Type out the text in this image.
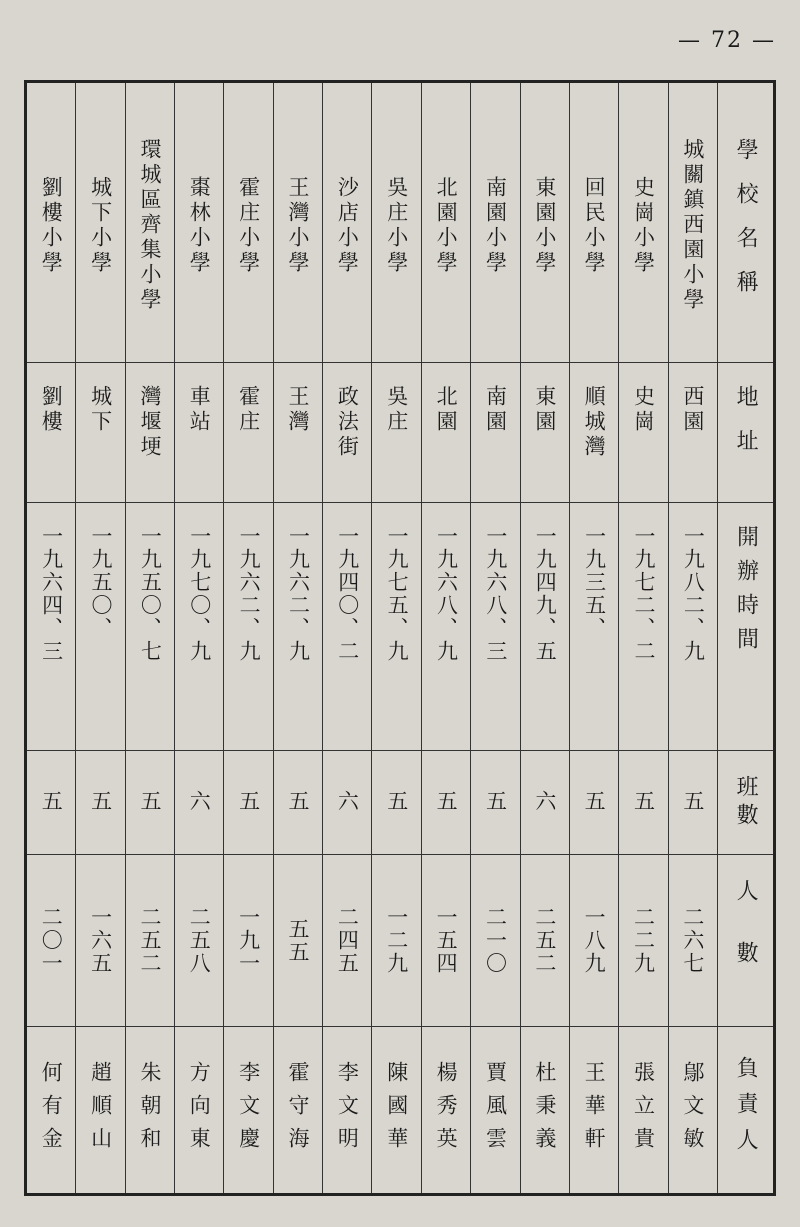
— 72 —
學校名稱
地址
開辦時間
班數
人數
負責人
城關鎮西園小學
西園
一九八二、九
五
二六七
鄔文敏
史崗小學
史崗
一九七二、二
五
二二九
張立貴
回民小學
順城灣
一九三五、
五
一八九
王華軒
東園小學
東園
一九四九、五
六
二五二
杜秉義
南園小學
南園
一九六八、三
五
二一〇
賈風雲
北園小學
北園
一九六八、九
五
一五四
楊秀英
吳庄小學
吳庄
一九七五、九
五
一二九
陳國華
沙店小學
政法街
一九四〇、二
六
二四五
李文明
王灣小學
王灣
一九六二、九
五
五五
霍守海
霍庄小學
霍庄
一九六二、九
五
一九一
李文慶
棗林小學
車站
一九七〇、九
六
二五八
方向東
環城區齊集小學
灣堰埂
一九五〇、七
五
二五二
朱朝和
城下小學
城下
一九五〇、
五
一六五
趙順山
劉樓小學
劉樓
一九六四、三
五
二〇一
何有金
